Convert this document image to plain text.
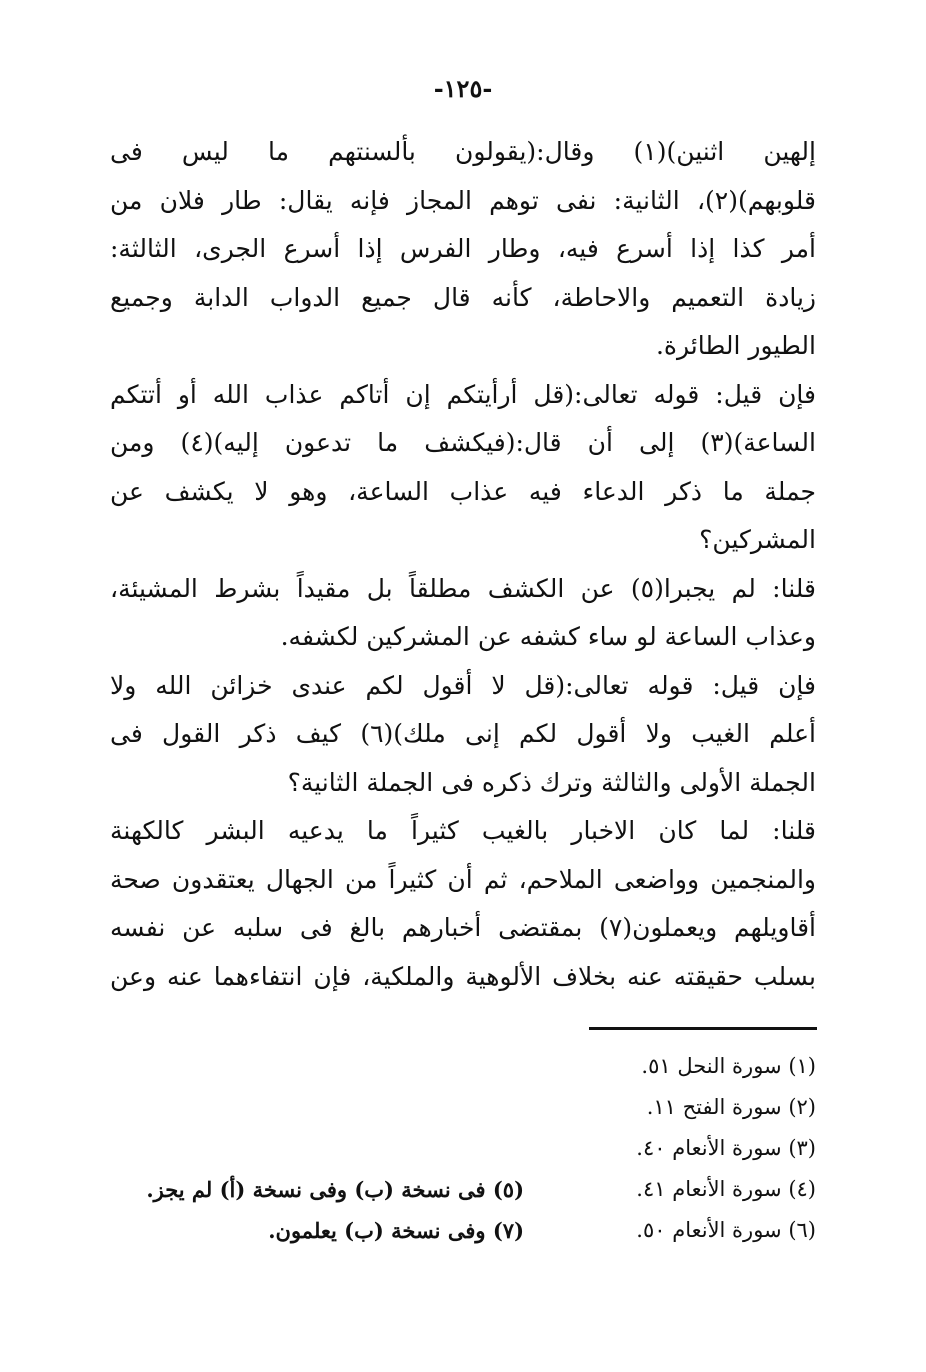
-١٢٥-
إلهين اثنين)(١) وقال:(يقولون بألسنتهم ما ليس فى
قلوبهم)(٢)، الثانية: نفى توهم المجاز فإنه يقال: طار فلان من
أمر كذا إذا أسرع فيه، وطار الفرس إذا أسرع الجرى، الثالثة:
زيادة التعميم والاحاطة، كأنه قال جميع الدواب الدابة وجميع
الطيور الطائرة.
فإن قيل: قوله تعالى:(قل أرأيتكم إن أتاكم عذاب الله أو أتتكم
الساعة)(٣) إلى أن قال:(فيكشف ما تدعون إليه)(٤) ومن
جملة ما ذكر الدعاء فيه عذاب الساعة، وهو لا يكشف عن
المشركين؟
قلنا: لم يجبرا(٥) عن الكشف مطلقاً بل مقيداً بشرط المشيئة،
وعذاب الساعة لو ساء كشفه عن المشركين لكشفه.
فإن قيل: قوله تعالى:(قل لا أقول لكم عندى خزائن الله ولا
أعلم الغيب ولا أقول لكم إنى ملك)(٦) كيف ذكر القول فى
الجملة الأولى والثالثة وترك ذكره فى الجملة الثانية؟
قلنا: لما كان الاخبار بالغيب كثيراً ما يدعيه البشر كالكهنة
والمنجمين وواضعى الملاحم، ثم أن كثيراً من الجهال يعتقدون صحة
أقاويلهم ويعملون(٧) بمقتضى أخبارهم بالغ فى سلبه عن نفسه
بسلب حقيقته عنه بخلاف الألوهية والملكية، فإن انتفاءهما عنه وعن
(١) سورة النحل ٥١.
(٢) سورة الفتح ١١.
(٣) سورة الأنعام ٤٠.
(٤) سورة الأنعام ٤١.
(٥) فى نسخة (ب) وفى نسخة (أ) لم يجز.
(٦) سورة الأنعام ٥٠.
(٧) وفى نسخة (ب) يعلمون.
